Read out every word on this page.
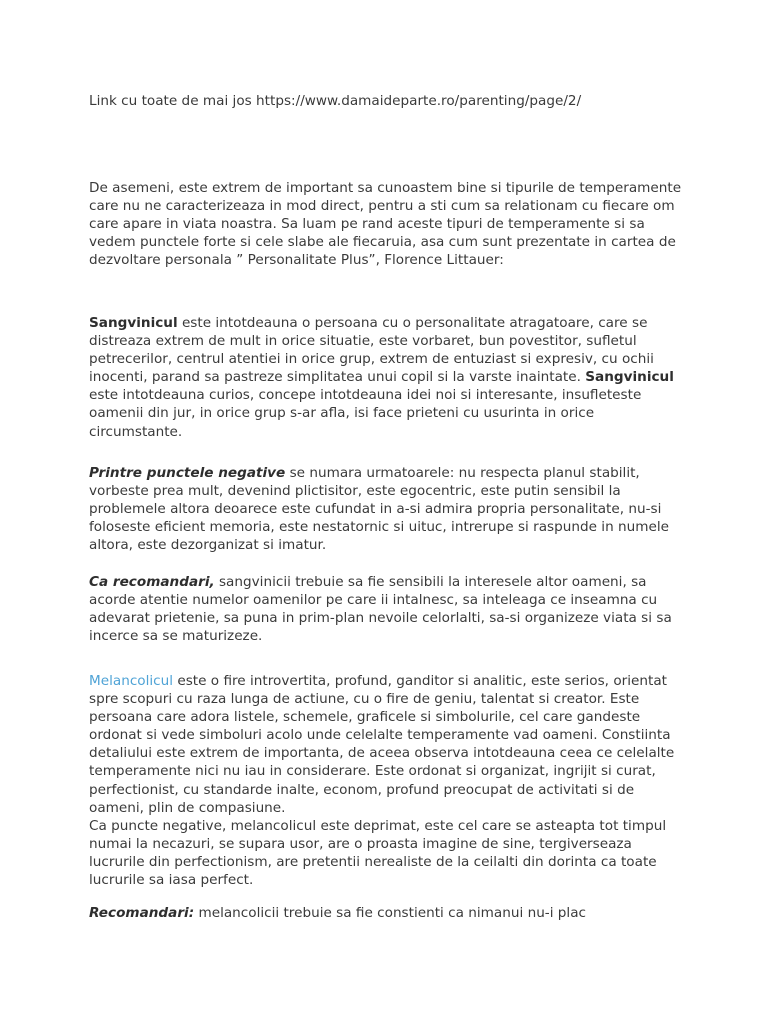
Link cu toate de mai jos https://www.damaideparte.ro/parenting/page/2/

De asemeni, este extrem de important sa cunoastem bine si tipurile de temperamente care nu ne caracterizeaza in mod direct, pentru a sti cum sa relationam cu fiecare om care apare in viata noastra. Sa luam pe rand aceste tipuri de temperamente si sa vedem punctele forte si cele slabe ale fiecaruia, asa cum sunt prezentate in cartea de dezvoltare personala ” Personalitate Plus”, Florence Littauer:

Sangvinicul este intotdeauna o persoana cu o personalitate atragatoare, care se distreaza extrem de mult in orice situatie, este vorbaret, bun povestitor, sufletul petrecerilor, centrul atentiei in orice grup, extrem de entuziast si expresiv, cu ochii inocenti, parand sa pastreze simplitatea unui copil si la varste inaintate. Sangvinicul este intotdeauna curios, concepe intotdeauna idei noi si interesante, insufleteste oamenii din jur, in orice grup s-ar afla, isi face prieteni cu usurinta in orice circumstante.

Printre punctele negative se numara urmatoarele: nu respecta planul stabilit, vorbeste prea mult, devenind plictisitor, este egocentric, este putin sensibil la problemele altora deoarece este cufundat in a-si admira propria personalitate, nu-si foloseste eficient memoria, este nestatornic si uituc, intrerupe si raspunde in numele altora, este dezorganizat si imatur.

Ca recomandari, sangvinicii trebuie sa fie sensibili la interesele altor oameni, sa acorde atentie numelor oamenilor pe care ii intalnesc, sa inteleaga ce inseamna cu adevarat prietenie, sa puna in prim-plan nevoile celorlalti, sa-si organizeze viata si sa incerce sa se maturizeze.

Melancolicul este o fire introvertita, profund, ganditor si analitic, este serios, orientat spre scopuri cu raza lunga de actiune, cu o fire de geniu, talentat si creator. Este persoana care adora listele, schemele, graficele si simbolurile, cel care gandeste ordonat si vede simboluri acolo unde celelalte temperamente vad oameni. Constiinta detaliului este extrem de importanta, de aceea observa intotdeauna ceea ce celelalte temperamente nici nu iau in considerare. Este ordonat si organizat, ingrijit si curat, perfectionist, cu standarde inalte, econom, profund preocupat de activitati si de oameni, plin de compasiune.
Ca puncte negative, melancolicul este deprimat, este cel care se asteapta tot timpul numai la necazuri, se supara usor, are o proasta imagine de sine, tergiverseaza lucrurile din perfectionism, are pretentii nerealiste de la ceilalti din dorinta ca toate lucrurile sa iasa perfect.

Recomandari: melancolicii trebuie sa fie constienti ca nimanui nu-i plac
